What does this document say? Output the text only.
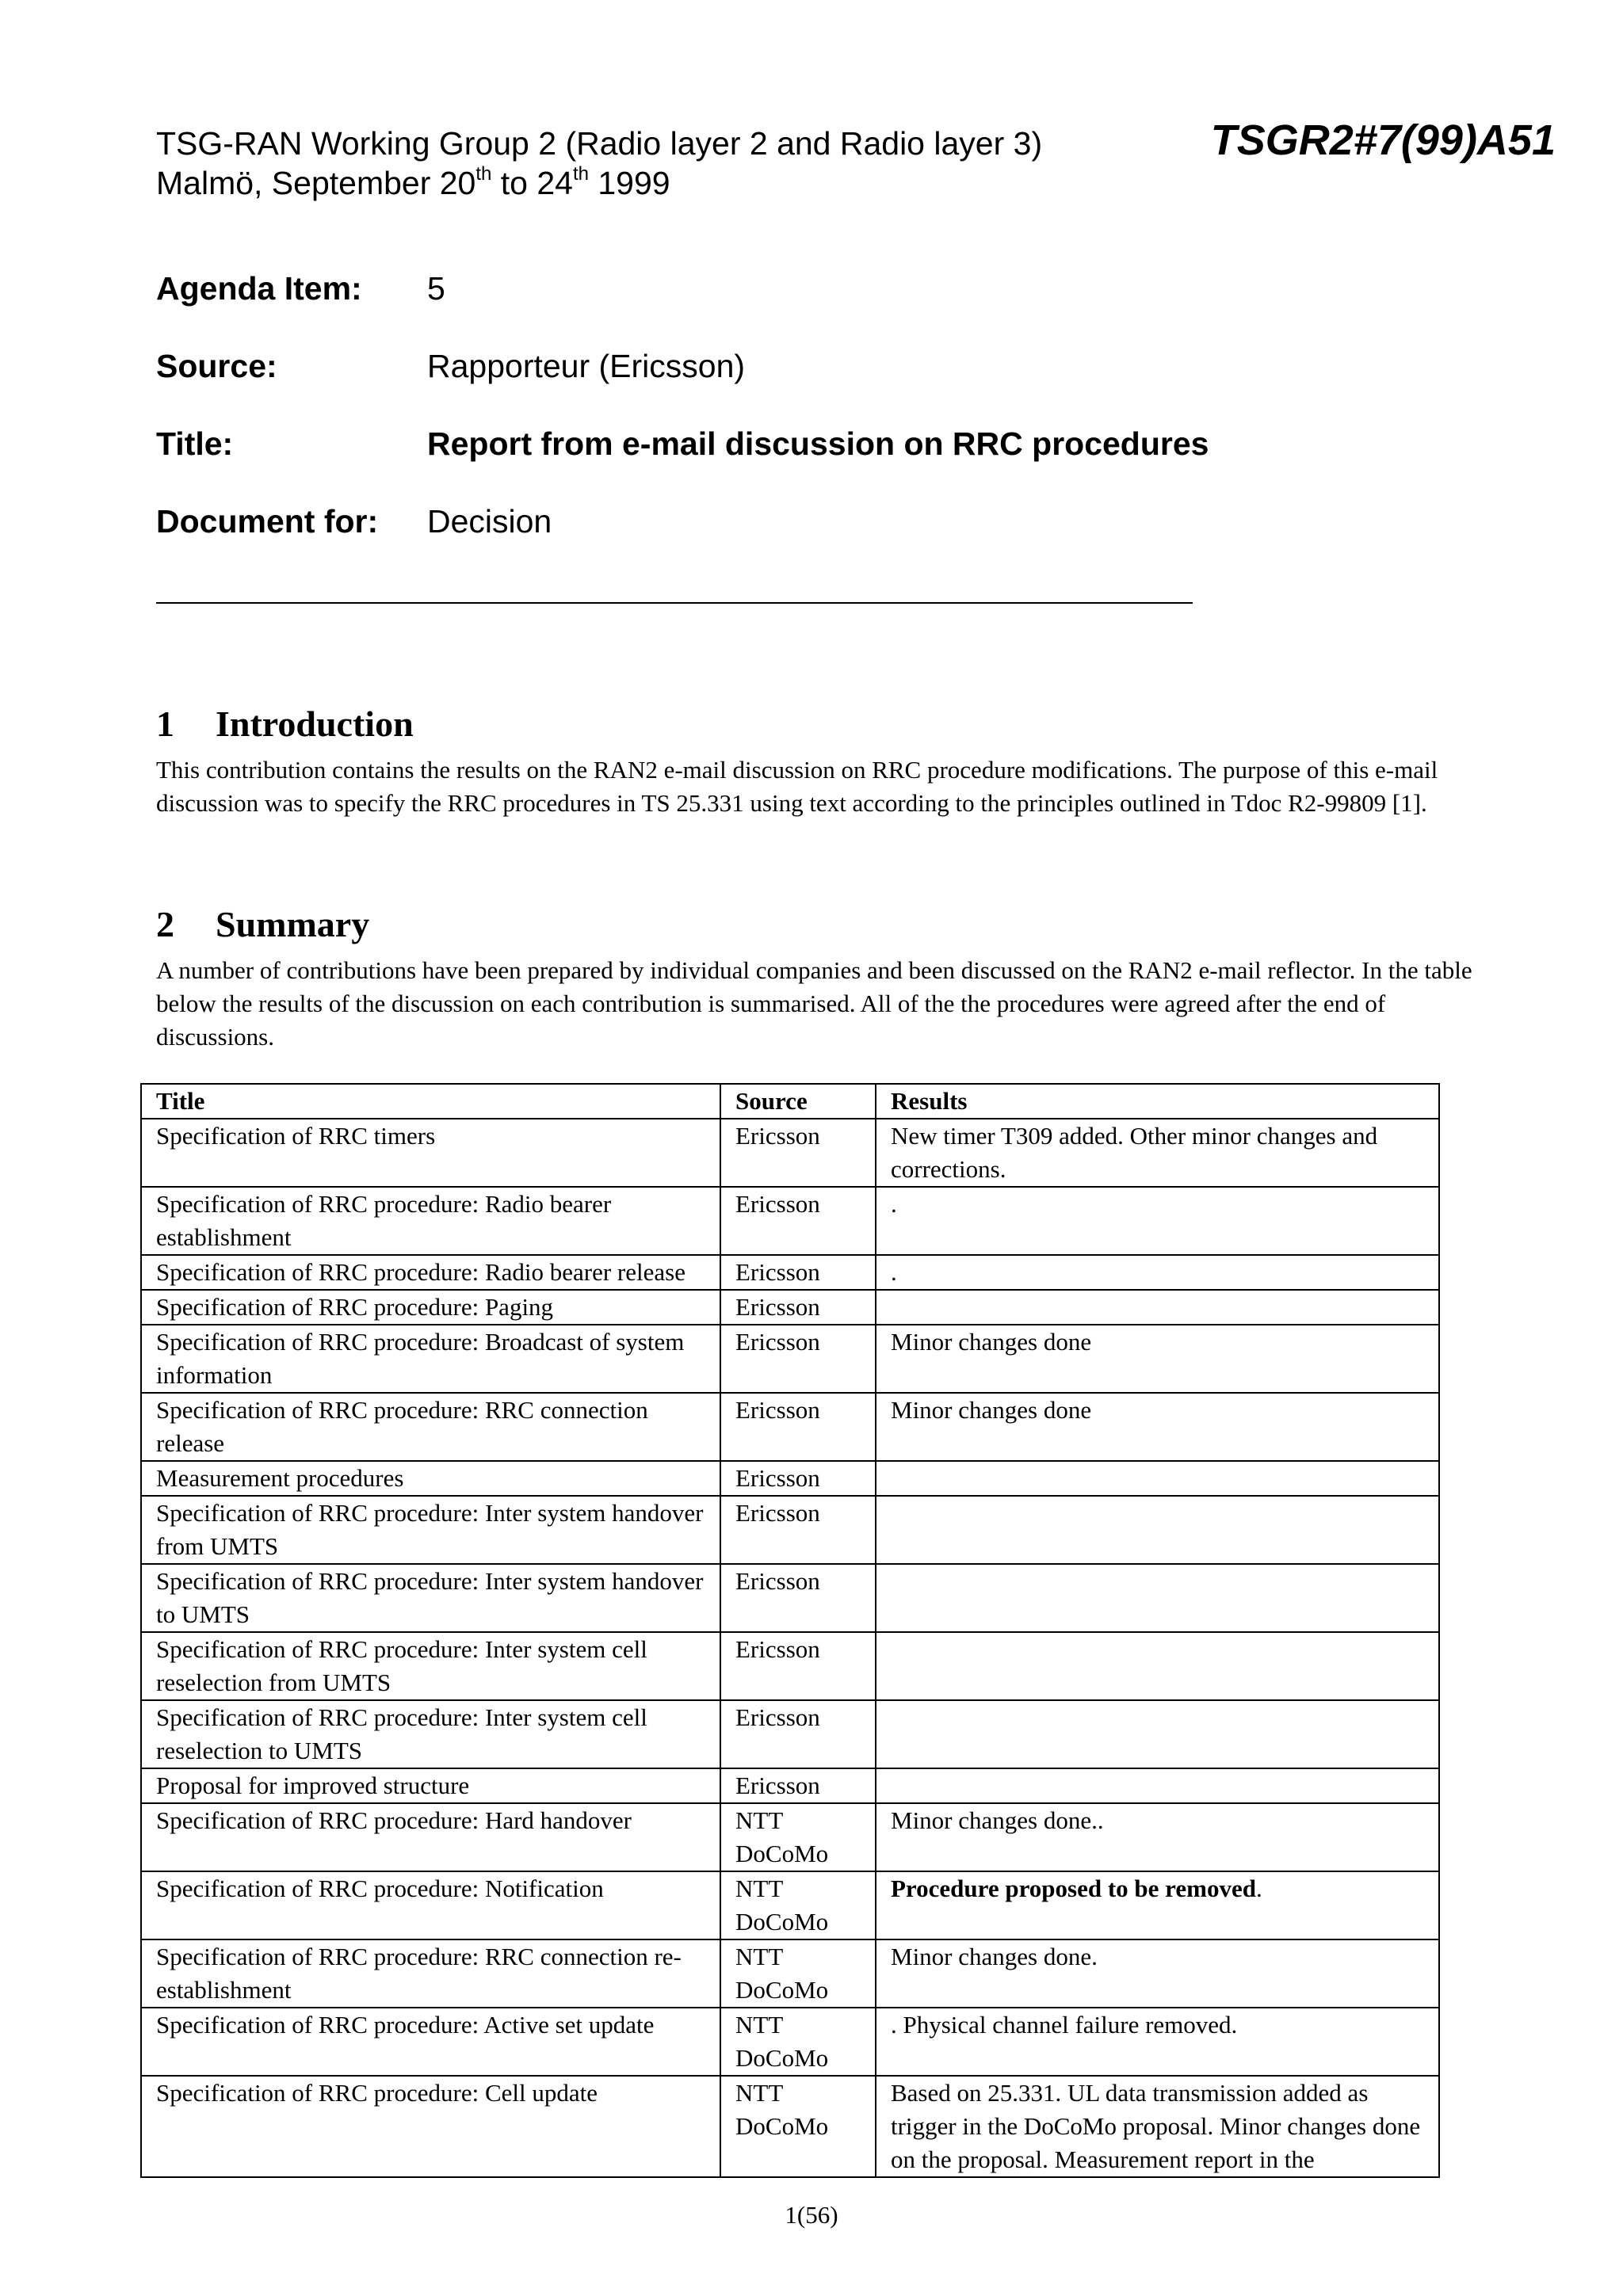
TSG-RAN Working Group 2 (Radio layer 2 and Radio layer 3)
Malmö, September 20th to 24th 1999
TSGR2#7(99)A51
Agenda Item: 5
Source:	Rapporteur (Ericsson)
Title:	Report from e-mail discussion on RRC procedures
Document for: Decision
1 Introduction
This contribution contains the results on the RAN2 e-mail discussion on RRC procedure modifications. The purpose of this e-mail discussion was to specify the RRC procedures in TS 25.331 using text according to the principles outlined in Tdoc R2-99809 [1].
2 Summary
A number of contributions have been prepared by individual companies and been discussed on the RAN2 e-mail reflector. In the table below the results of the discussion on each contribution is summarised. All of the the procedures were agreed after the end of discussions.
Title	Source	Results
Specification of RRC timers	Ericsson	New timer T309 added. Other minor changes and corrections.
Specification of RRC procedure: Radio bearer establishment	Ericsson	.
Specification of RRC procedure: Radio bearer release	Ericsson	.
Specification of RRC procedure: Paging	Ericsson	
Specification of RRC procedure: Broadcast of system information	Ericsson	Minor changes done
Specification of RRC procedure: RRC connection release	Ericsson	Minor changes done
Measurement procedures	Ericsson	
Specification of RRC procedure: Inter system handover from UMTS	Ericsson	
Specification of RRC procedure: Inter system handover to UMTS	Ericsson	
Specification of RRC procedure: Inter system cell reselection from UMTS	Ericsson	
Specification of RRC procedure: Inter system cell reselection to UMTS	Ericsson	
Proposal for improved structure	Ericsson	
Specification of RRC procedure: Hard handover	NTT DoCoMo	Minor changes done..
Specification of RRC procedure: Notification	NTT DoCoMo	Procedure proposed to be removed.
Specification of RRC procedure: RRC connection re-establishment	NTT DoCoMo	Minor changes done.
Specification of RRC procedure: Active set update	NTT DoCoMo	. Physical channel failure removed.
Specification of RRC procedure: Cell update	NTT DoCoMo	Based on 25.331. UL data transmission added as trigger in the DoCoMo proposal. Minor changes done on the proposal. Measurement report in the
1(56)
